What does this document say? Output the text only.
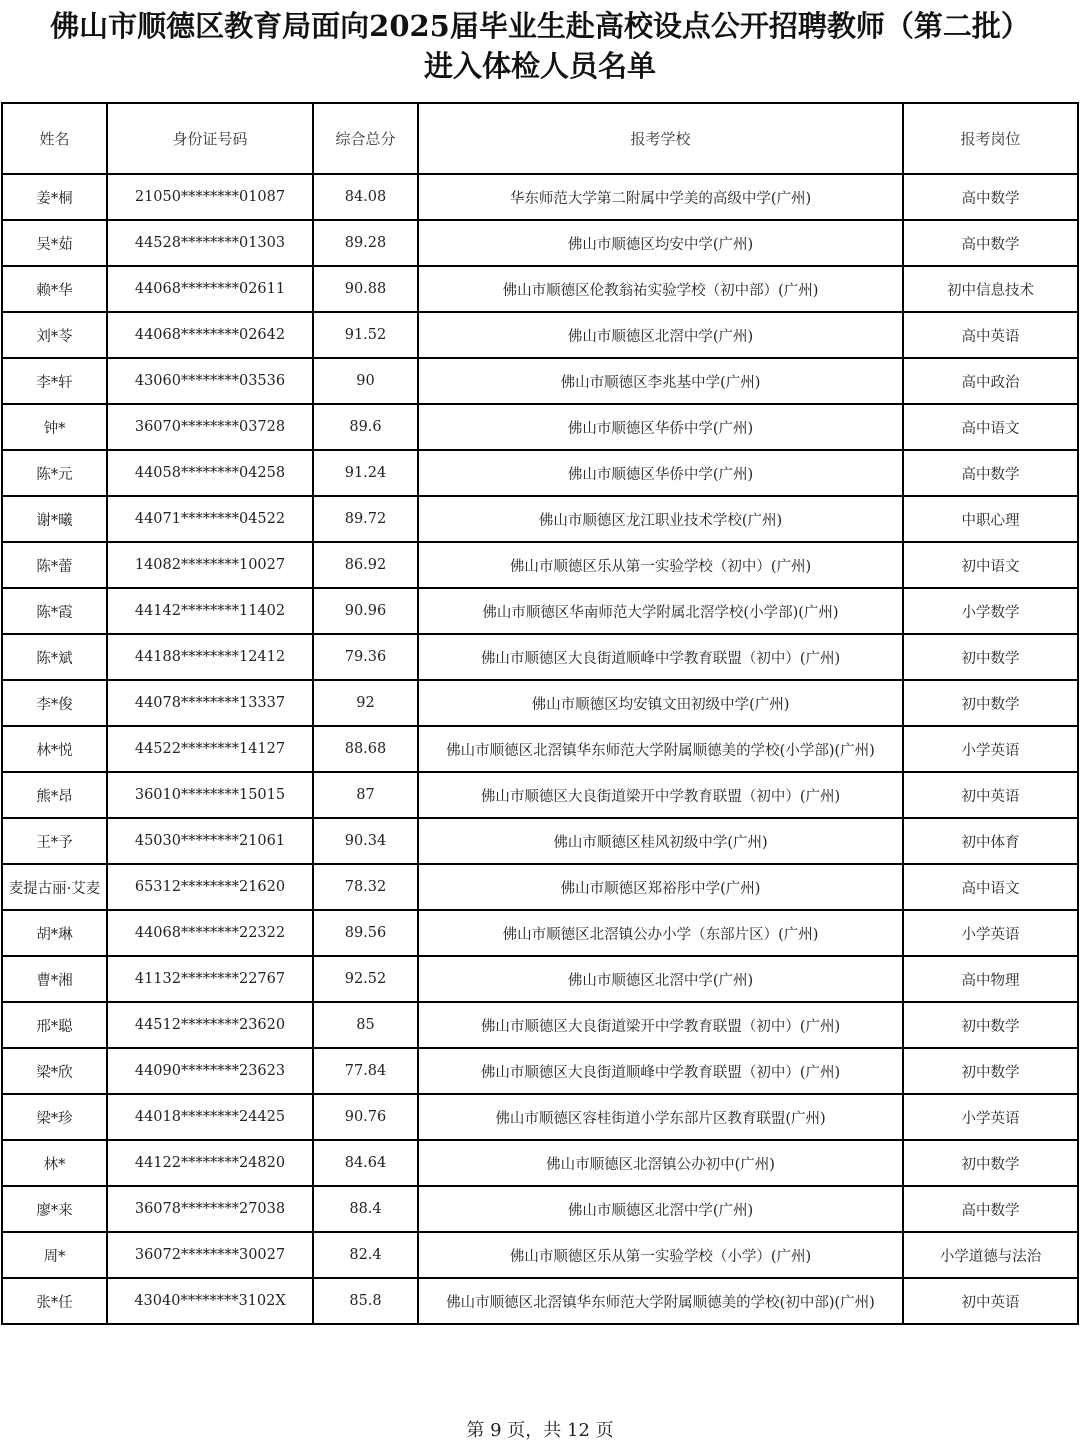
佛山市顺德区教育局面向2025届毕业生赴高校设点公开招聘教师（第二批）
进入体检人员名单
姓名	身份证号码	综合总分	报考学校	报考岗位
姜*桐	21050********01087	84.08	华东师范大学第二附属中学美的高级中学(广州)	高中数学
吴*茹	44528********01303	89.28	佛山市顺德区均安中学(广州)	高中数学
赖*华	44068********02611	90.88	佛山市顺德区伦教翁祐实验学校（初中部）(广州)	初中信息技术
刘*苓	44068********02642	91.52	佛山市顺德区北滘中学(广州)	高中英语
李*轩	43060********03536	90	佛山市顺德区李兆基中学(广州)	高中政治
钟*	36070********03728	89.6	佛山市顺德区华侨中学(广州)	高中语文
陈*元	44058********04258	91.24	佛山市顺德区华侨中学(广州)	高中数学
谢*曦	44071********04522	89.72	佛山市顺德区龙江职业技术学校(广州)	中职心理
陈*蕾	14082********10027	86.92	佛山市顺德区乐从第一实验学校（初中）(广州)	初中语文
陈*霞	44142********11402	90.96	佛山市顺德区华南师范大学附属北滘学校(小学部)(广州)	小学数学
陈*斌	44188********12412	79.36	佛山市顺德区大良街道顺峰中学教育联盟（初中）(广州)	初中数学
李*俊	44078********13337	92	佛山市顺德区均安镇文田初级中学(广州)	初中数学
林*悦	44522********14127	88.68	佛山市顺德区北滘镇华东师范大学附属顺德美的学校(小学部)(广州)	小学英语
熊*昂	36010********15015	87	佛山市顺德区大良街道梁开中学教育联盟（初中）(广州)	初中英语
王*予	45030********21061	90.34	佛山市顺德区桂风初级中学(广州)	初中体育
麦提古丽·艾麦	65312********21620	78.32	佛山市顺德区郑裕彤中学(广州)	高中语文
胡*琳	44068********22322	89.56	佛山市顺德区北滘镇公办小学（东部片区）(广州)	小学英语
曹*湘	41132********22767	92.52	佛山市顺德区北滘中学(广州)	高中物理
邢*聪	44512********23620	85	佛山市顺德区大良街道梁开中学教育联盟（初中）(广州)	初中数学
梁*欣	44090********23623	77.84	佛山市顺德区大良街道顺峰中学教育联盟（初中）(广州)	初中数学
梁*珍	44018********24425	90.76	佛山市顺德区容桂街道小学东部片区教育联盟(广州)	小学英语
林*	44122********24820	84.64	佛山市顺德区北滘镇公办初中(广州)	初中数学
廖*来	36078********27038	88.4	佛山市顺德区北滘中学(广州)	高中数学
周*	36072********30027	82.4	佛山市顺德区乐从第一实验学校（小学）(广州)	小学道德与法治
张*任	43040********3102X	85.8	佛山市顺德区北滘镇华东师范大学附属顺德美的学校(初中部)(广州)	初中英语
第 9 页，共 12 页
